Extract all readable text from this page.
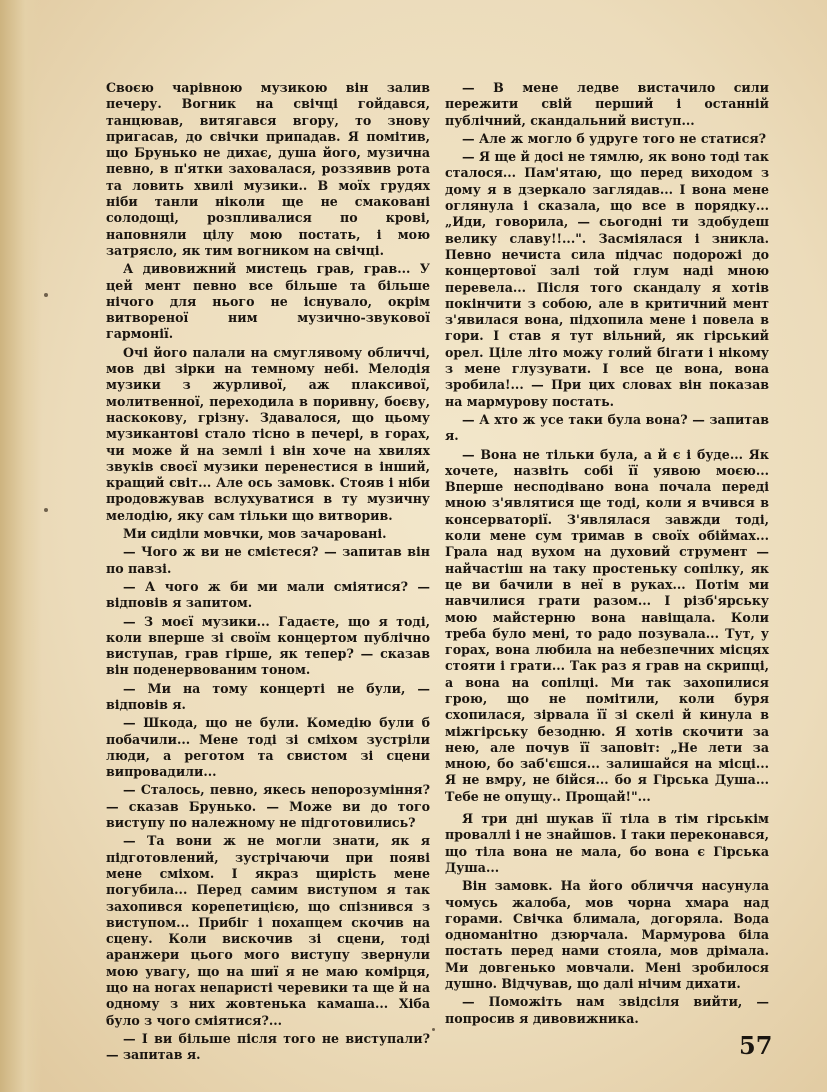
Своєю чарівною музикою він залив печеру. Вогник на свічці гойдався, танцював, витягався вгору, то знову пригасав, до свічки припадав. Я помітив, що Брунько не дихає, душа його, музична певно, в п'ятки заховалася, роззявив рота та ловить хвилі музики.. В моїх грудях ніби танли ніколи ще не смаковані солодощі, розпливалися по крові, наповняли цілу мою постать, і мою затрясло, як тим вогником на свічці.

А дивовижний мистець грав, грав... У цей мент певно все більше та більше нічого для нього не існувало, окрім витвореної ним музично-звукової гармонії.

Очі його палали на смуглявому обличчі, мов дві зірки на темному небі. Мелодія музики з журливої, аж плаксивої, молитвенної, переходила в поривну, боєву, наскокову, грізну. Здавалося, що цьому музикантові стало тісно в печері, в горах, чи може й на землі і він хоче на хвилях звуків своєї музики перенестися в інший, кращий світ... Але ось замовк. Стояв і ніби продовжував вслухуватися в ту музичну мелодію, яку сам тільки що витворив.

Ми сиділи мовчки, мов зачаровані.

— Чого ж ви не смієтеся? — запитав він по павзі.

— А чого ж би ми мали сміятися? — відповів я запитом.

— З моєї музики... Гадаєте, що я тоді, коли вперше зі своїм концертом публічно виступав, грав гірше, як тепер? — сказав він поденервованим тоном.

— Ми на тому концерті не були, — відповів я.

— Шкода, що не були. Комедію були б побачили... Мене тоді зі сміхом зустріли люди, а реготом та свистом зі сцени випровадили...

— Сталось, певно, якесь непорозуміння? — сказав Брунько. — Може ви до того виступу по належному не підготовились?

— Та вони ж не могли знати, як я підготовлений, зустрічаючи при появі мене сміхом. І якраз щирість мене погубила... Перед самим виступом я так захопився корепетицією, що спізнився з виступом... Прибіг і похапцем скочив на сцену. Коли вискочив зі сцени, тоді аранжери цього мого виступу звернули мою увагу, що на шиї я не маю комірця, що на ногах непаристі черевики та ще й на одному з них жовтенька камаша... Хіба було з чого сміятися?...

— І ви більше після того не виступали? — запитав я.

— В мене ледве вистачило сили пережити свій перший і останній публічний, скандальний виступ...

— Але ж могло б удруге того не статися?

— Я ще й досі не тямлю, як воно тоді так сталося... Пам'ятаю, що перед виходом з дому я в дзеркало заглядав... І вона мене оглянула і сказала, що все в порядку... „Иди, говорила, — сьогодні ти здобудеш велику славу!!...". Засміялася і зникла. Певно нечиста сила підчас подорожі до концертової залі той глум наді мною перевела... Після того скандалу я хотів покінчити з собою, але в критичний мент з'явилася вона, підхопила мене і повела в гори. І став я тут вільний, як гірський орел. Ціле літо можу голий бігати і нікому з мене глузувати. І все це вона, вона зробила!... — При цих словах він показав на мармурову постать.

— А хто ж усе таки була вона? — запитав я.

— Вона не тільки була, а й є і буде... Як хочете, назвіть собі її уявою моєю... Вперше несподівано вона почала переді мною з'являтися ще тоді, коли я вчився в консерваторії. З'являлася завжди тоді, коли мене сум тримав в своїх обіймах... Грала над вухом на духовий струмент — найчастіш на таку простеньку сопілку, як це ви бачили в неї в руках... Потім ми навчилися грати разом... І різб'ярську мою майстерню вона навіщала. Коли треба було мені, то радо позувала... Тут, у горах, вона любила на небезпечних місцях стояти і грати... Так раз я грав на скрипці, а вона на сопілці. Ми так захопилися грою, що не помітили, коли буря схопилася, зірвала її зі скелі й кинула в міжгірську безодню. Я хотів скочити за нею, але почув її заповіт: „Не лети за мною, бо заб'єшся... залишайся на місці... Я не вмру, не бійся... бо я Гірська Душа... Тебе не опущу.. Прощай!"...

Я три дні шукав її тіла в тім гірськім проваллі і не знайшов. І таки переконався, що тіла вона не мала, бо вона є Гірська Душа...

Він замовк. На його обличчя насунула чомусь жалоба, мов чорна хмара над горами. Свічка блимала, догоряла. Вода одноманітно дзюрчала. Мармурова біла постать перед нами стояла, мов дрімала. Ми довгенько мовчали. Мені зробилося душно. Відчував, що далі нічим дихати.

— Поможіть нам звідсіля вийти, — попросив я дивовижника.

57
